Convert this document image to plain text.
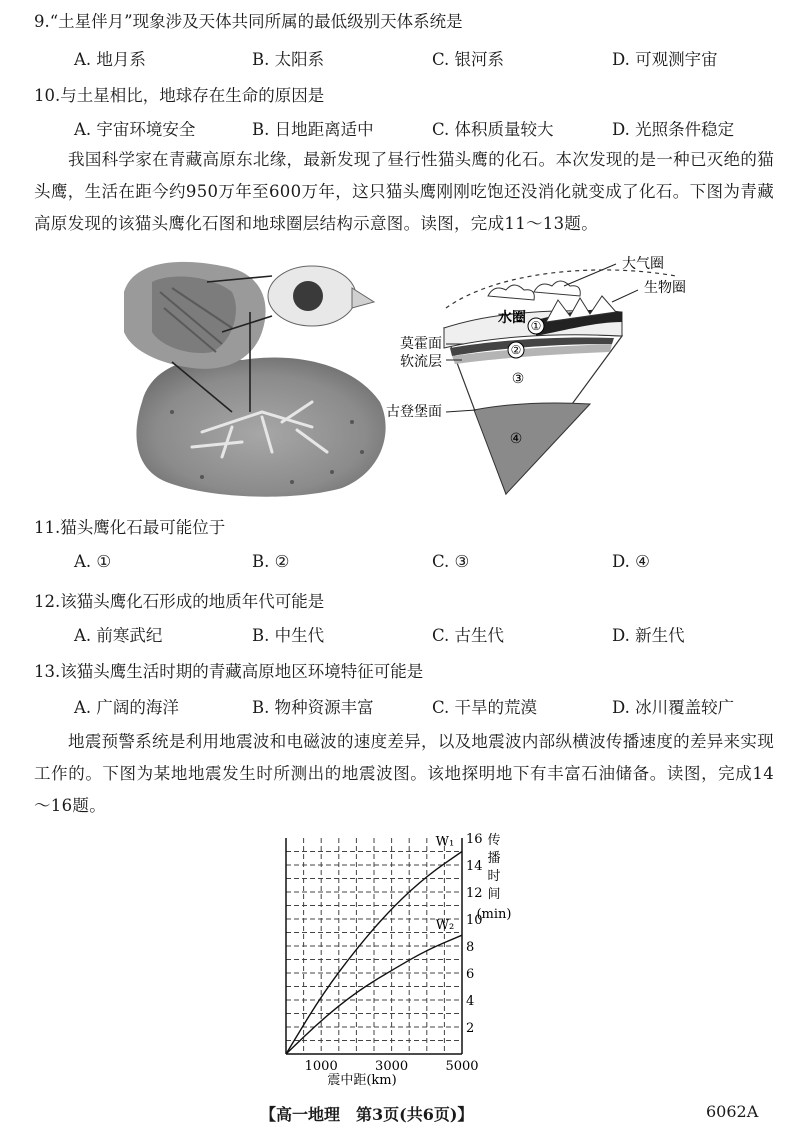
9.“土星伴月”现象涉及天体共同所属的最低级别天体系统是
A. 地月系	B. 太阳系	C. 银河系	D. 可观测宇宙
10.与土星相比，地球存在生命的原因是
A. 宇宙环境安全	B. 日地距离适中	C. 体积质量较大	D. 光照条件稳定
我国科学家在青藏高原东北缘，最新发现了昼行性猫头鹰的化石。本次发现的是一种已灭绝的猫头鹰，生活在距今约950万年至600万年，这只猫头鹰刚刚吃饱还没消化就变成了化石。下图为青藏高原发现的该猫头鹰化石图和地球圈层结构示意图。读图，完成11～13题。
大气圈
生物圈
①
②
③
④
水圈
莫霍面
软流层
古登堡面
11.猫头鹰化石最可能位于
A. ①	B. ②	C. ③	D. ④
12.该猫头鹰化石形成的地质年代可能是
A. 前寒武纪	B. 中生代	C. 古生代	D. 新生代
13.该猫头鹰生活时期的青藏高原地区环境特征可能是
A. 广阔的海洋	B. 物种资源丰富	C. 干旱的荒漠	D. 冰川覆盖较广
地震预警系统是利用地震波和电磁波的速度差异，以及地震波内部纵横波传播速度的差异来实现工作的。下图为某地地震发生时所测出的地震波图。该地探明地下有丰富石油储备。读图，完成14～16题。
W₁
W₂
1000	3000	5000
2
4
6
8
10
12
14
16 传播时间(min)
震中距(km)
【高一地理　第3页(共6页)】	6062A
